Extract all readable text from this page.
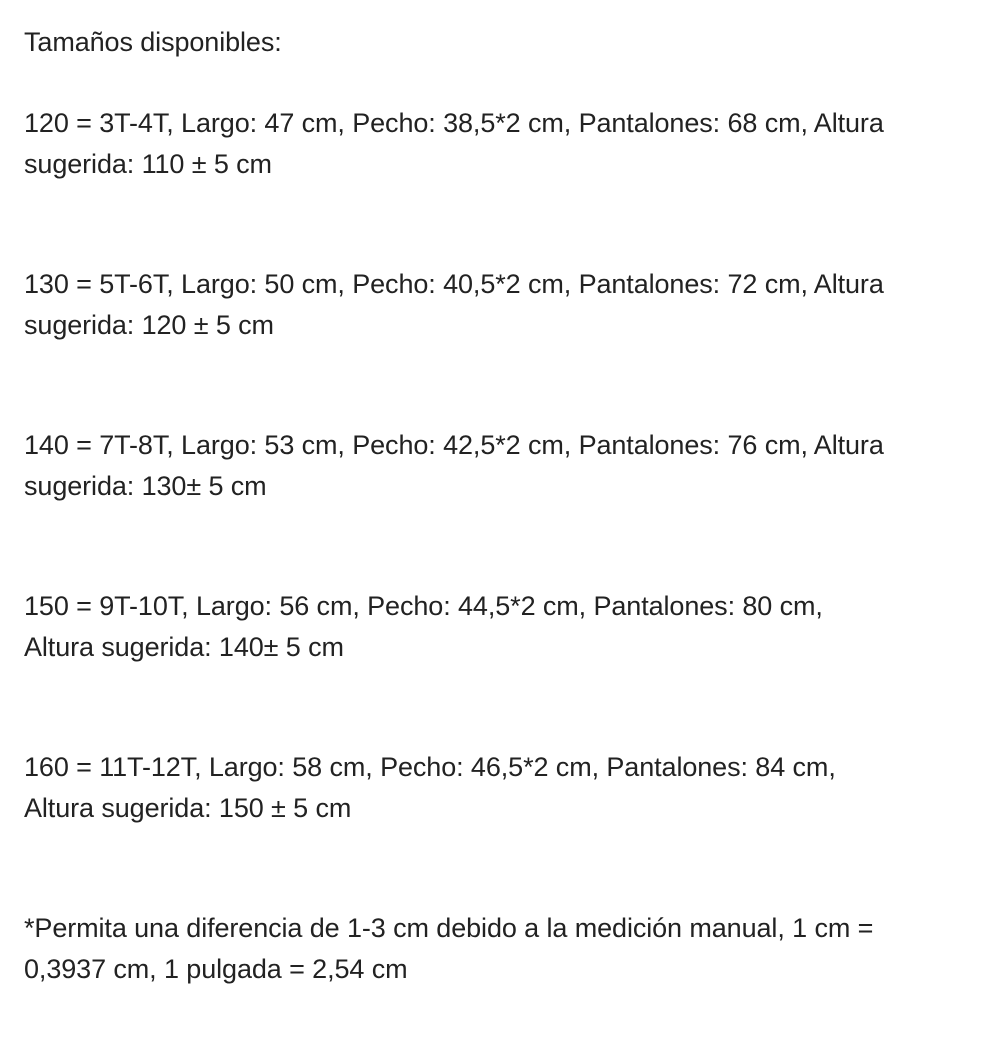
Tamaños disponibles:

120 = 3T-4T, Largo: 47 cm, Pecho: 38,5*2 cm, Pantalones: 68 cm, Altura
sugerida: 110 ± 5 cm

130 = 5T-6T, Largo: 50 cm, Pecho: 40,5*2 cm, Pantalones: 72 cm, Altura
sugerida: 120 ± 5 cm

140 = 7T-8T, Largo: 53 cm, Pecho: 42,5*2 cm, Pantalones: 76 cm, Altura
sugerida: 130± 5 cm

150 = 9T-10T, Largo: 56 cm, Pecho: 44,5*2 cm, Pantalones: 80 cm,
Altura sugerida: 140± 5 cm

160 = 11T-12T, Largo: 58 cm, Pecho: 46,5*2 cm, Pantalones: 84 cm,
Altura sugerida: 150 ± 5 cm

*Permita una diferencia de 1-3 cm debido a la medición manual, 1 cm =
0,3937 cm, 1 pulgada = 2,54 cm
